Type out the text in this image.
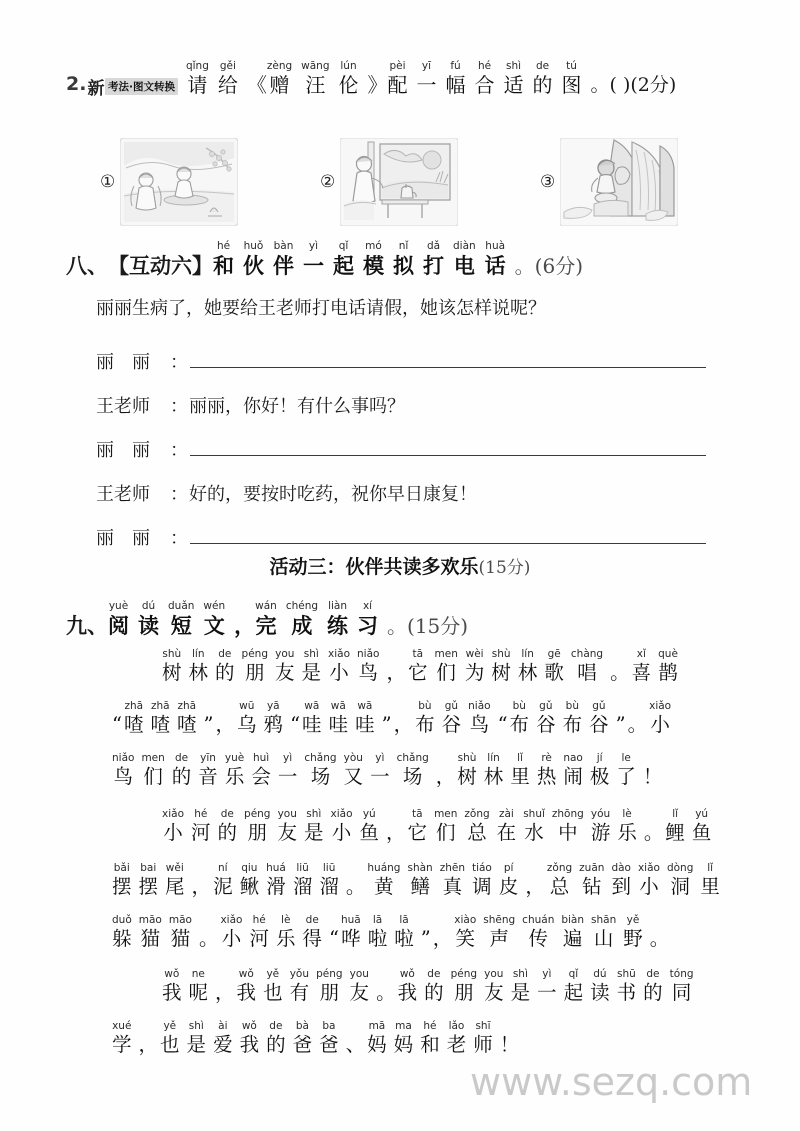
2. 新 考法·图文转换
qǐng
请
gěi
给
《
zèng
赠
wāng
汪
lún
伦
》
pèi
配
yī
一
fú
幅
hé
合
shì
适
de
的
tú
图 。( )(2分)
①	②	③
八、 【互动六】
hé
和
huǒ
伙
bàn
伴
yì
一
qǐ
起
mó
模
nǐ
拟
dǎ
打
diàn
电
huà
话 。(6分)
丽丽生病了，她要给王老师打电话请假，她该怎样说呢？
丽　丽	：
王老师	： 丽丽，你好！有什么事吗？
丽　丽	：
王老师	： 好的，要按时吃药，祝你早日康复！
丽　丽	：
活动三：伙伴共读多欢乐(15分)
九、
yuè
阅
dú
读
duǎn
短
wén
文
，
wán
完
chéng
成
liàn
练
xí
习 。(15分)
shù
树
lín
林
de
的
péng
朋
you
友
shì
是
xiǎo
小
niǎo
鸟
，
tā
它
men
们
wèi
为
shù
树
lín
林
gē
歌
chàng
唱
。
xǐ
喜
què
鹊

“
zhā
喳
zhā
喳
zhā
喳
”
，
wū
乌
yā
鸦
“
wā
哇
wā
哇
wā
哇
”
，
bù
布
gǔ
谷
niǎo
鸟
“
bù
布
gǔ
谷
bù
布
gǔ
谷
”
。
xiǎo
小
niǎo
鸟
men
们
de
的
yīn
音
yuè
乐
huì
会
yì
一
chǎng
场
yòu
又
yì
一
chǎng
场
，
shù
树
lín
林
lǐ
里
rè
热
nao
闹
jí
极
le
了
！
xiǎo
小
hé
河
de
的
péng
朋
you
友
shì
是
xiǎo
小
yú
鱼
，
tā
它
men
们
zǒng
总
zài
在
shuǐ
水
zhōng
中
yóu
游
lè
乐
。
lǐ
鲤
yú
鱼
bǎi
摆
bai
摆
wěi
尾
，
ní
泥
qiu
鳅
huá
滑
liū
溜
liū
溜
。
huáng
黄
shàn
鳝
zhēn
真
tiáo
调
pí
皮
，
zǒng
总
zuān
钻
dào
到
xiǎo
小
dòng
洞
lǐ
里
duǒ
躲
māo
猫
māo
猫
。
xiǎo
小
hé
河
lè
乐
de
得
“
huā
哗
lā
啦
lā
啦
”
，
xiào
笑
shēng
声
chuán
传
biàn
遍
shān
山
yě
野
。
wǒ
我
ne
呢
，
wǒ
我
yě
也
yǒu
有
péng
朋
you
友
。
wǒ
我
de
的
péng
朋
you
友
shì
是
yì
一
qǐ
起
dú
读
shū
书
de
的
tóng
同
xué
学
，
yě
也
shì
是
ài
爱
wǒ
我
de
的
bà
爸
ba
爸
、
mā
妈
ma
妈
hé
和
lǎo
老
shī
师
！
www.sezq.com
